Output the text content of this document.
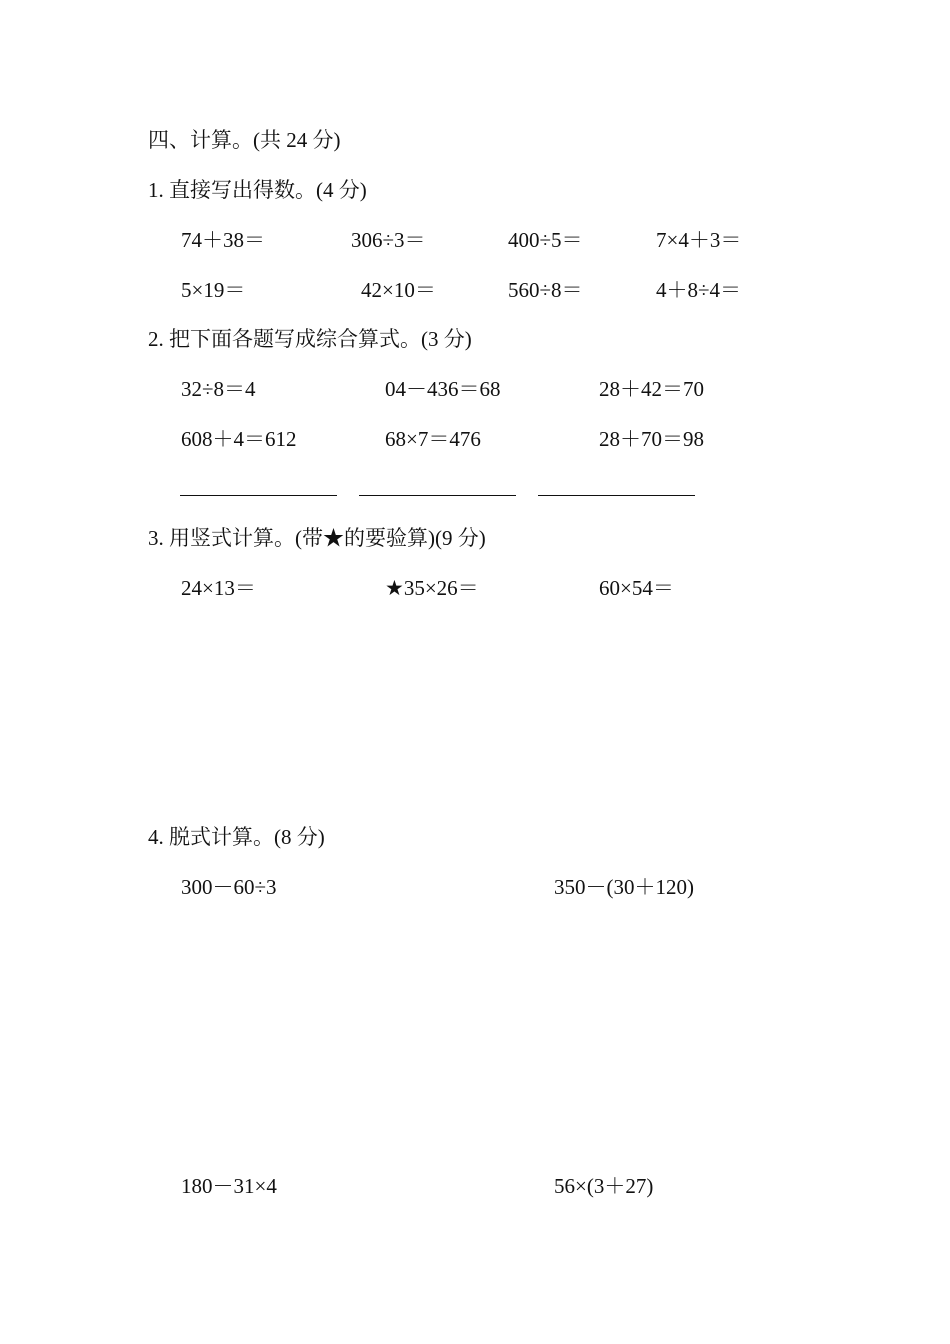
四、计算。(共 24 分)
1. 直接写出得数。(4 分)
74＋38＝	306÷3＝	400÷5＝	7×4＋3＝
5×19＝	42×10＝	560÷8＝	4＋8÷4＝
2. 把下面各题写成综合算式。(3 分)
32÷8＝4	04－436＝68	28＋42＝70
608＋4＝612	68×7＝476	28＋70＝98
3. 用竖式计算。(带★的要验算)(9 分)
24×13＝	★35×26＝	60×54＝
4. 脱式计算。(8 分)
300－60÷3	350－(30＋120)
180－31×4	56×(3＋27)
